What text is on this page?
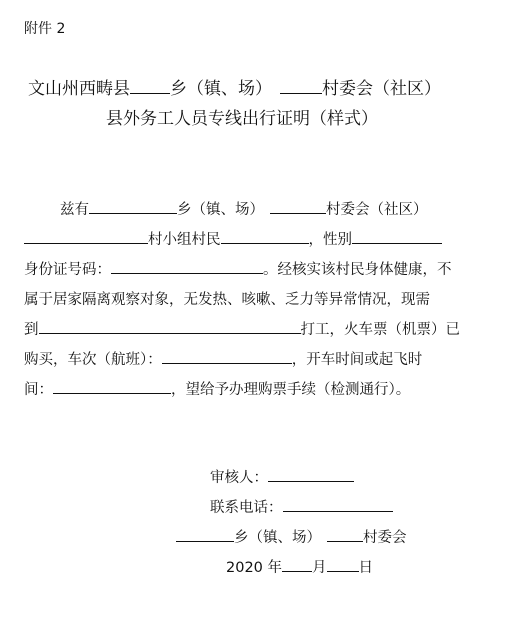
附件 2
文山州西畴县 乡（镇、场）	村委会（社区）
县外务工人员专线出行证明（样式）
兹有	乡（镇、场）	村委会（社区）
村小组村民	，性别
身份证号码：	。经核实该村民身体健康，不
属于居家隔离观察对象，无发热、咳嗽、乏力等异常情况，现需
到	打工，火车票（机票）已
购买，车次（航班）：	，开车时间或起飞时
间：	，望给予办理购票手续（检测通行）。
审核人：
联系电话：
乡（镇、场）	村委会
2020 年 月 日
